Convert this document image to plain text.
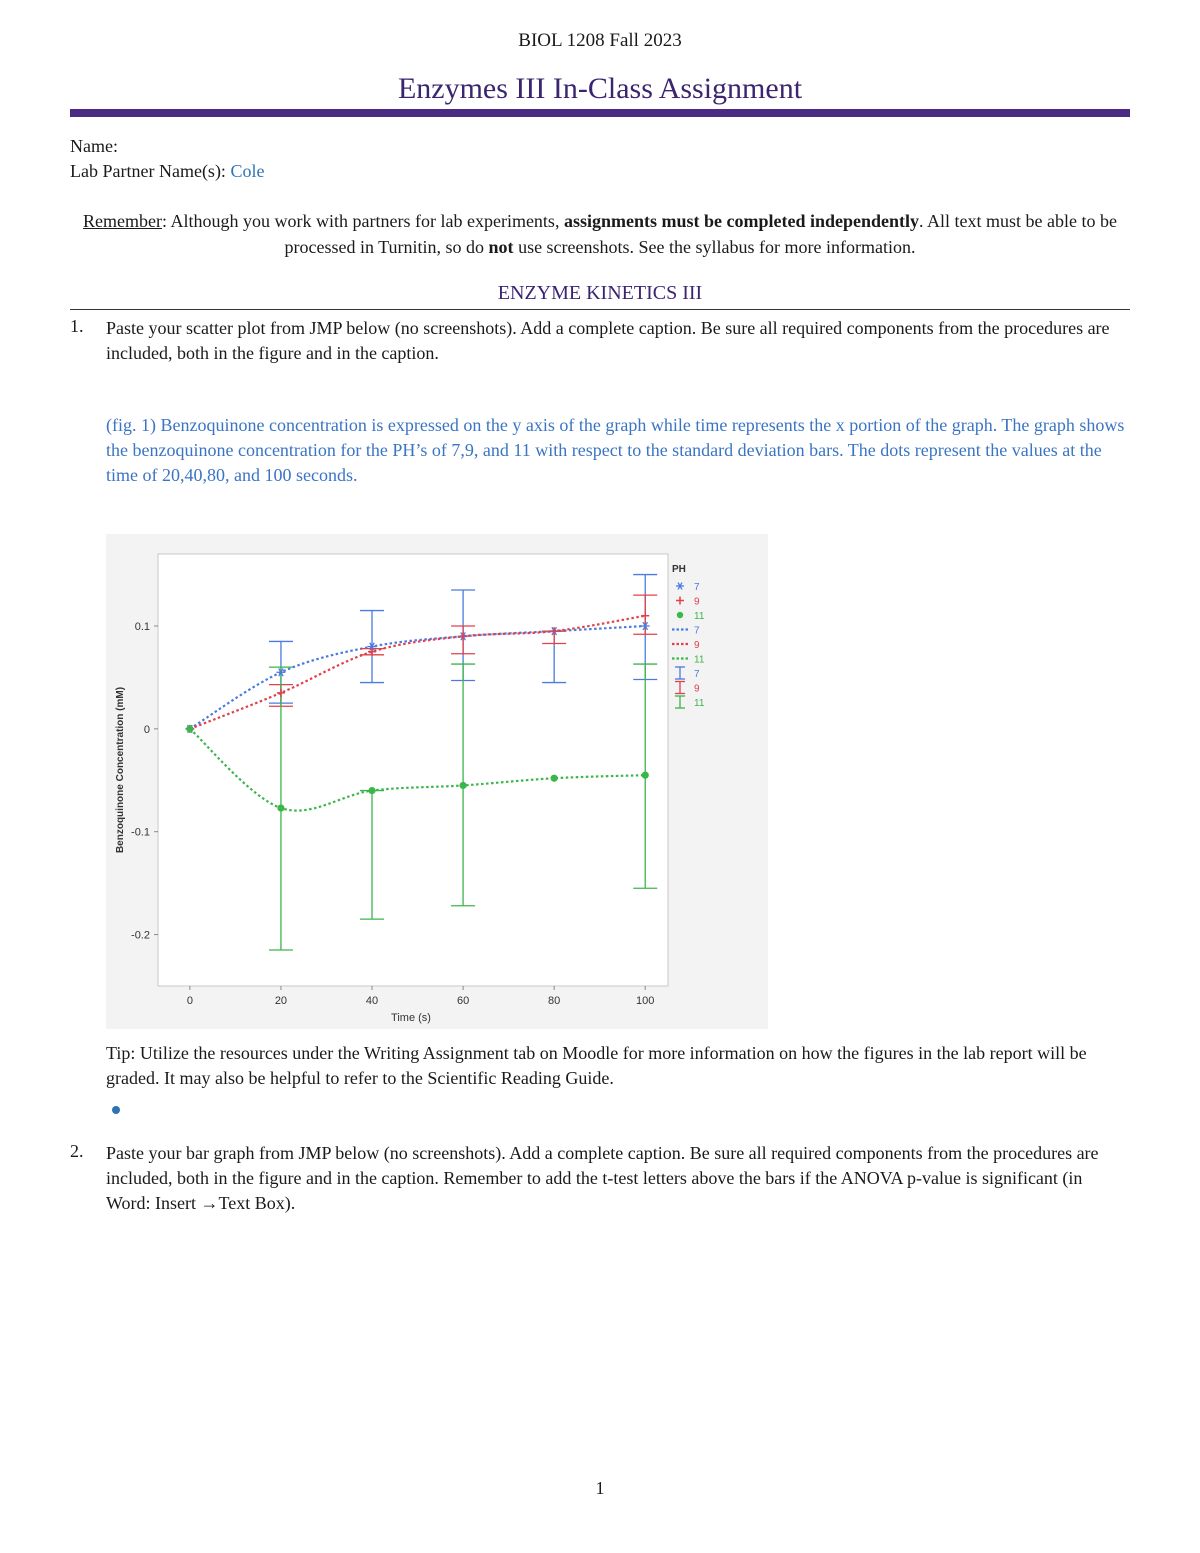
BIOL 1208 Fall 2023
Enzymes III In-Class Assignment
Name:
Lab Partner Name(s): Cole
Remember: Although you work with partners for lab experiments, assignments must be completed independently. All text must be able to be processed in Turnitin, so do not use screenshots. See the syllabus for more information.
ENZYME KINETICS III
1. Paste your scatter plot from JMP below (no screenshots). Add a complete caption. Be sure all required components from the procedures are included, both in the figure and in the caption.
(fig. 1) Benzoquinone concentration is expressed on the y axis of the graph while time represents the x portion of the graph. The graph shows the benzoquinone concentration for the PH’s of 7,9, and 11 with respect to the standard deviation bars. The dots represent the values at the time of 20,40,80, and 100 seconds.
0.1
0
-0.1
-0.2
0	20	40	60	80	100
Benzoquinone Concentration (mM)
Time (s)
PH
7
9
11
7
9
11
7
9
11
Tip: Utilize the resources under the Writing Assignment tab on Moodle for more information on how the figures in the lab report will be graded. It may also be helpful to refer to the Scientific Reading Guide.
2. Paste your bar graph from JMP below (no screenshots). Add a complete caption. Be sure all required components from the procedures are included, both in the figure and in the caption. Remember to add the t-test letters above the bars if the ANOVA p-value is significant (in Word: Insert →Text Box).
1
